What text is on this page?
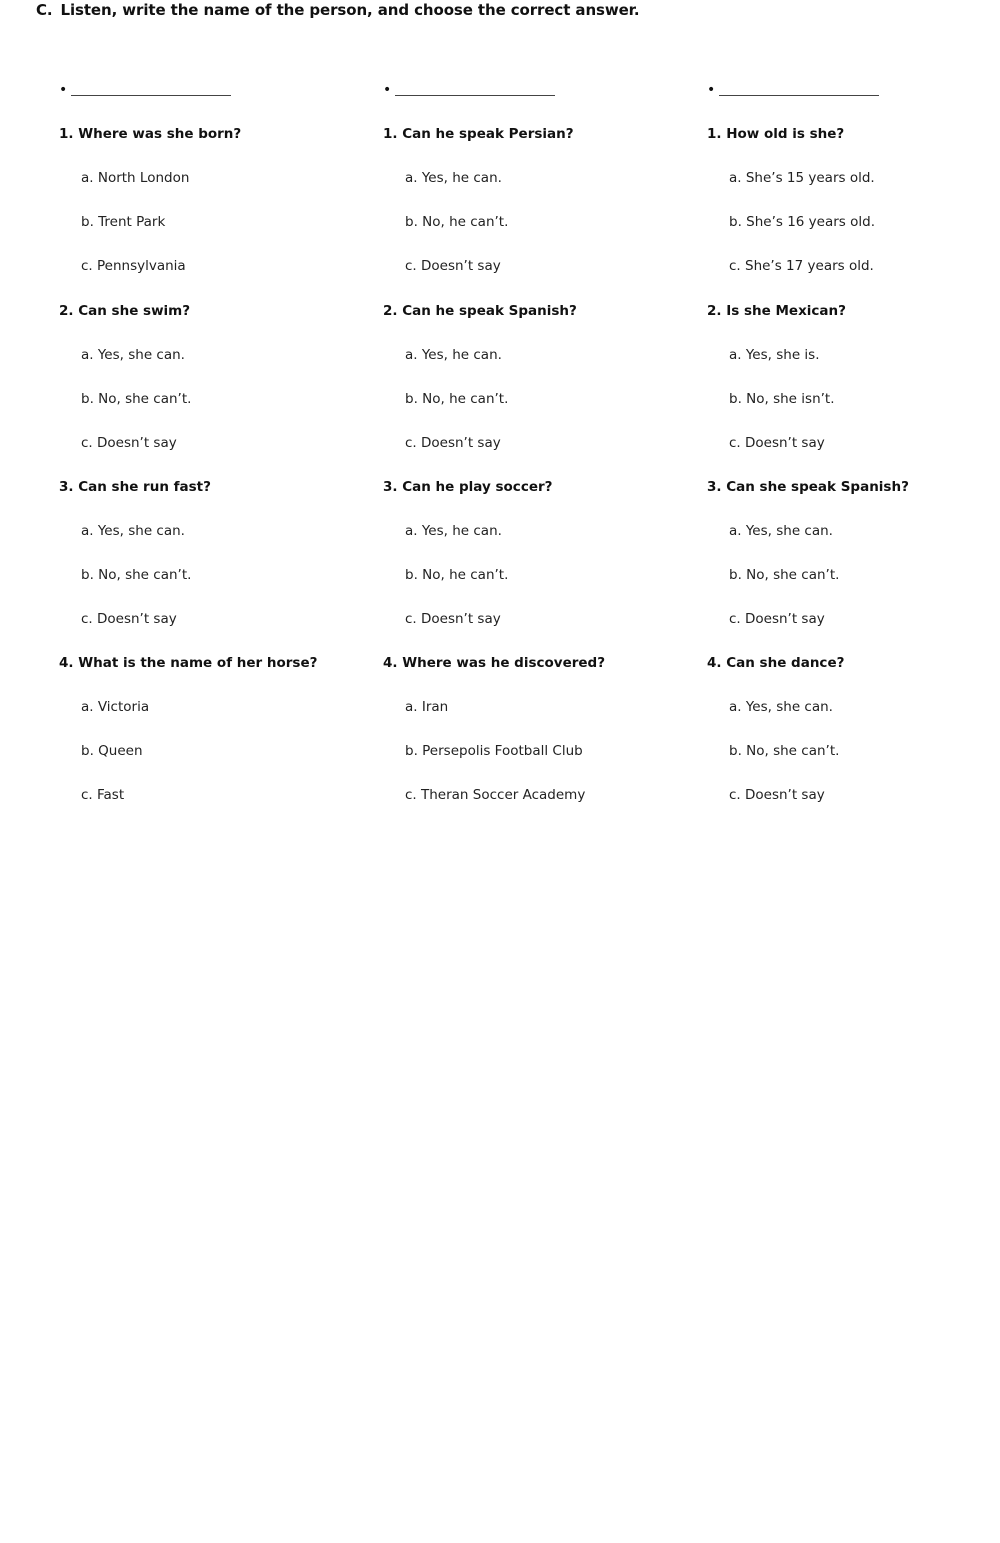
C. Listen, write the name of the person, and choose the correct answer.
•
1. Where was she born?
a. North London
b. Trent Park
c. Pennsylvania
2. Can she swim?
a. Yes, she can.
b. No, she can’t.
c. Doesn’t say
3. Can she run fast?
a. Yes, she can.
b. No, she can’t.
c. Doesn’t say
4. What is the name of her horse?
a. Victoria
b. Queen
c. Fast
•
1. Can he speak Persian?
a. Yes, he can.
b. No, he can’t.
c. Doesn’t say
2. Can he speak Spanish?
a. Yes, he can.
b. No, he can’t.
c. Doesn’t say
3. Can he play soccer?
a. Yes, he can.
b. No, he can’t.
c. Doesn’t say
4. Where was he discovered?
a. Iran
b. Persepolis Football Club
c. Theran Soccer Academy
•
1. How old is she?
a. She’s 15 years old.
b. She’s 16 years old.
c. She’s 17 years old.
2. Is she Mexican?
a. Yes, she is.
b. No, she isn’t.
c. Doesn’t say
3. Can she speak Spanish?
a. Yes, she can.
b. No, she can’t.
c. Doesn’t say
4. Can she dance?
a. Yes, she can.
b. No, she can’t.
c. Doesn’t say
